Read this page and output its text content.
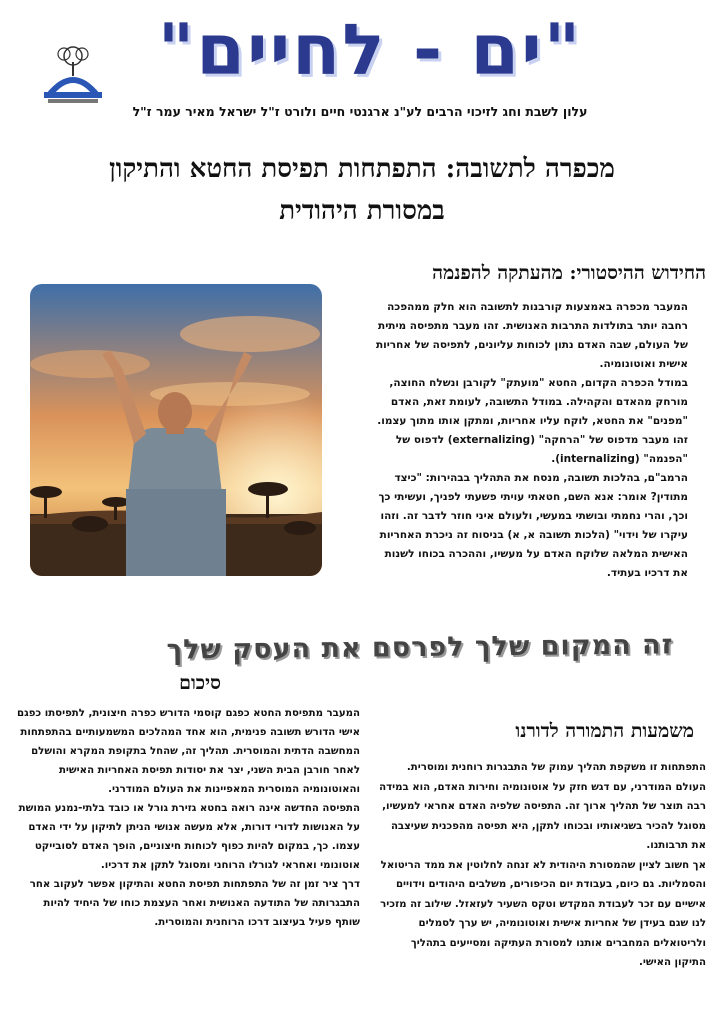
"ים - לחיים"
עלון לשבת וחג לזיכוי הרבים לע"נ ארגנטי חיים ולורט ז"ל ישראל מאיר עמר ז"ל
מכפרה לתשובה: התפתחות תפיסת החטא והתיקון
במסורת היהודית
החידוש ההיסטורי: מהעתקה להפנמה

המעבר מכפרה באמצעות קורבנות לתשובה הוא חלק ממהפכה רחבה יותר בתולדות התרבות האנושית. זהו מעבר מתפיסה מיתית של העולם, שבה האדם נתון לכוחות עליונים, לתפיסה של אחריות אישית ואוטונומיה.

במודל הכפרה הקדום, החטא "מועתק" לקורבן ונשלח החוצה, מורחק מהאדם והקהילה. במודל התשובה, לעומת זאת, האדם "מפנים" את החטא, לוקח עליו אחריות, ומתקן אותו מתוך עצמו. זהו מעבר מדפוס של "הרחקה" (externalizing) לדפוס של "הפנמה" (internalizing).

הרמב"ם, בהלכות תשובה, מנסח את התהליך בבהירות: "כיצד מתודין? אומר: אנא השם, חטאתי עויתי פשעתי לפניך, ועשיתי כך וכך, והרי נחמתי ובושתי במעשי, ולעולם איני חוזר לדבר זה. וזהו עיקרו של וידוי" (הלכות תשובה א, א) בניסוח זה ניכרת האחריות האישית המלאה שלוקח האדם על מעשיו, וההכרה בכוחו לשנות את דרכיו בעתיד.

זה המקום שלך לפרסם את העסק שלך
סיכום

המעבר מתפיסת החטא כפגם קוסמי הדורש כפרה חיצונית, לתפיסתו כפגם אישי הדורש תשובה פנימית, הוא אחד המהלכים המשמעותיים בהתפתחות המחשבה הדתית והמוסרית. תהליך זה, שהחל בתקופת המקרא והושלם לאחר חורבן הבית השני, יצר את יסודות תפיסת האחריות האישית והאוטונומיה המוסרית המאפיינות את העולם המודרני.

התפיסה החדשה אינה רואה בחטא גזירת גורל או כובד בלתי-נמנע המושת על האנושות לדורי דורות, אלא מעשה אנושי הניתן לתיקון על ידי האדם עצמו. כך, במקום להיות כפוף לכוחות חיצוניים, הופך האדם לסובייקט אוטונומי ואחראי לגורלו הרוחני ומסוגל לתקן את דרכיו.

דרך ציר זמן זה של התפתחות תפיסת החטא והתיקון אפשר לעקוב אחר התבגרותה של התודעה האנושית ואחר העצמת כוחו של היחיד להיות שותף פעיל בעיצוב דרכו הרוחנית והמוסרית.

משמעות התמורה לדורנו

התפתחות זו משקפת תהליך עמוק של התבגרות רוחנית ומוסרית. העולם המודרני, עם דגש חזק על אוטונומיה וחירות האדם, הוא במידה רבה תוצר של תהליך ארוך זה. התפיסה שלפיה האדם אחראי למעשיו, מסוגל להכיר בשגיאותיו ובכוחו לתקן, היא תפיסה מהפכנית שעיצבה את תרבותנו.

אך חשוב לציין שהמסורת היהודית לא זנחה לחלוטין את ממד הריטואל והסמליות. גם כיום, בעבודת יום הכיפורים, משלבים היהודים וידויים אישיים עם זכר לעבודת המקדש וטקס השעיר לעזאזל. שילוב זה מזכיר לנו שגם בעידן של אחריות אישית ואוטונומיה, יש ערך לסמלים ולריטואלים המחברים אותנו למסורת העתיקה ומסייעים בתהליך התיקון האישי.
